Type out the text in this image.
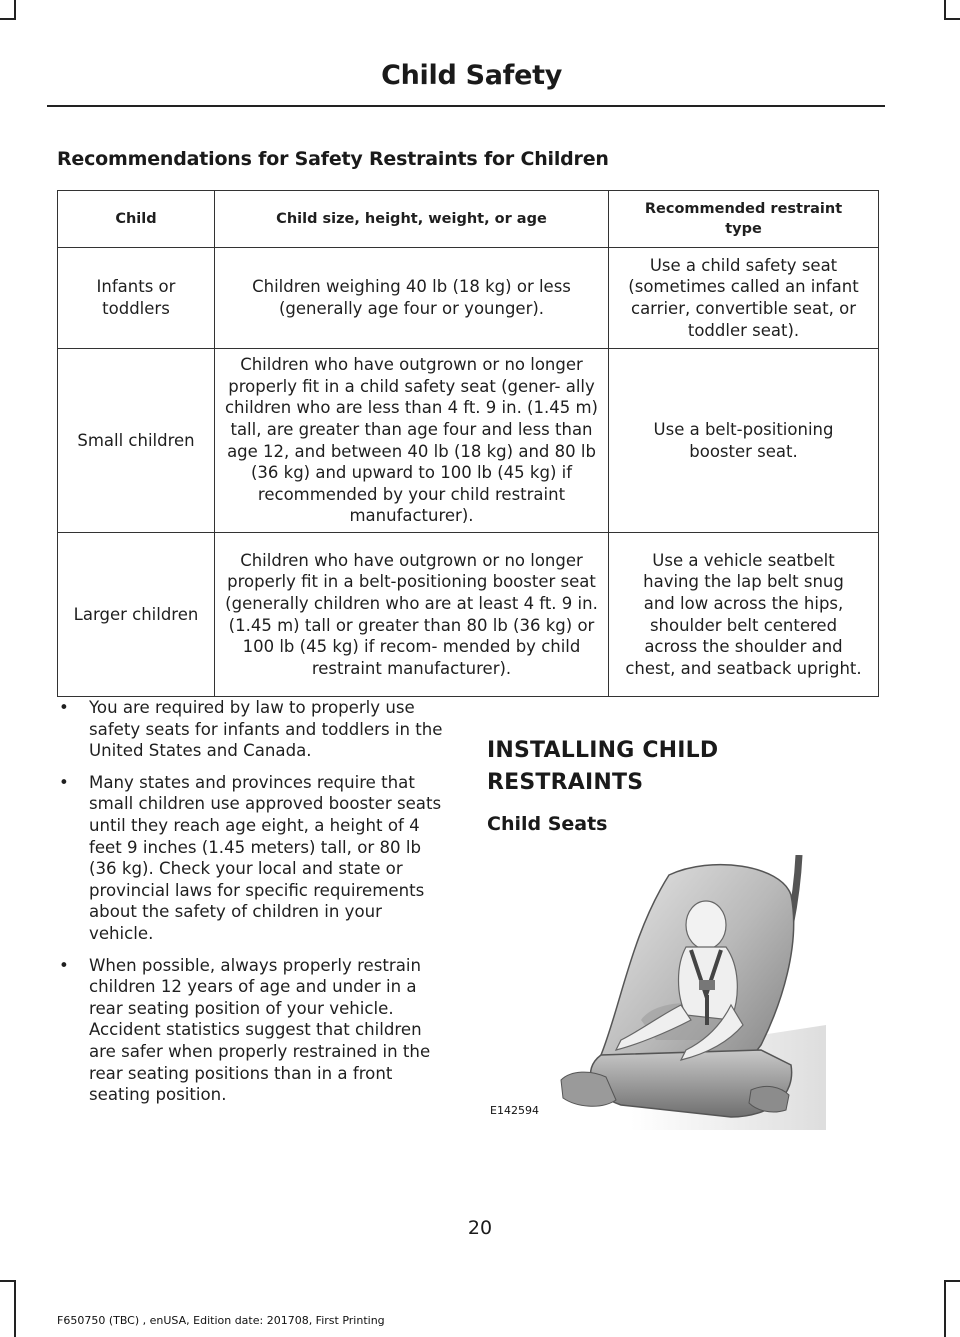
Child Safety
Recommendations for Safety Restraints for Children
Child	Child size, height, weight, or age	Recommended restraint type
Infants or toddlers	Children weighing 40 lb (18 kg) or less (generally age four or younger).	Use a child safety seat (sometimes called an infant carrier, convertible seat, or toddler seat).
Small children	Children who have outgrown or no longer properly fit in a child safety seat (gener- ally children who are less than 4 ft. 9 in. (1.45 m) tall, are greater than age four and less than age 12, and between 40 lb (18 kg) and 80 lb (36 kg) and upward to 100 lb (45 kg) if recommended by your child restraint manufacturer).	Use a belt-positioning booster seat.
Larger children	Children who have outgrown or no longer properly fit in a belt-positioning booster seat (generally children who are at least 4 ft. 9 in. (1.45 m) tall or greater than 80 lb (36 kg) or 100 lb (45 kg) if recom- mended by child restraint manufacturer).	Use a vehicle seatbelt having the lap belt snug and low across the hips, shoulder belt centered across the shoulder and chest, and seatback upright.
• You are required by law to properly use safety seats for infants and toddlers in the United States and Canada.
• Many states and provinces require that small children use approved booster seats until they reach age eight, a height of 4 feet 9 inches (1.45 meters) tall, or 80 lb (36 kg). Check your local and state or provincial laws for specific requirements about the safety of children in your vehicle.
• When possible, always properly restrain children 12 years of age and under in a rear seating position of your vehicle. Accident statistics suggest that children are safer when properly restrained in the rear seating positions than in a front seating position.
INSTALLING CHILD RESTRAINTS
Child Seats
E142594
20
F650750 (TBC) , enUSA, Edition date: 201708, First Printing
